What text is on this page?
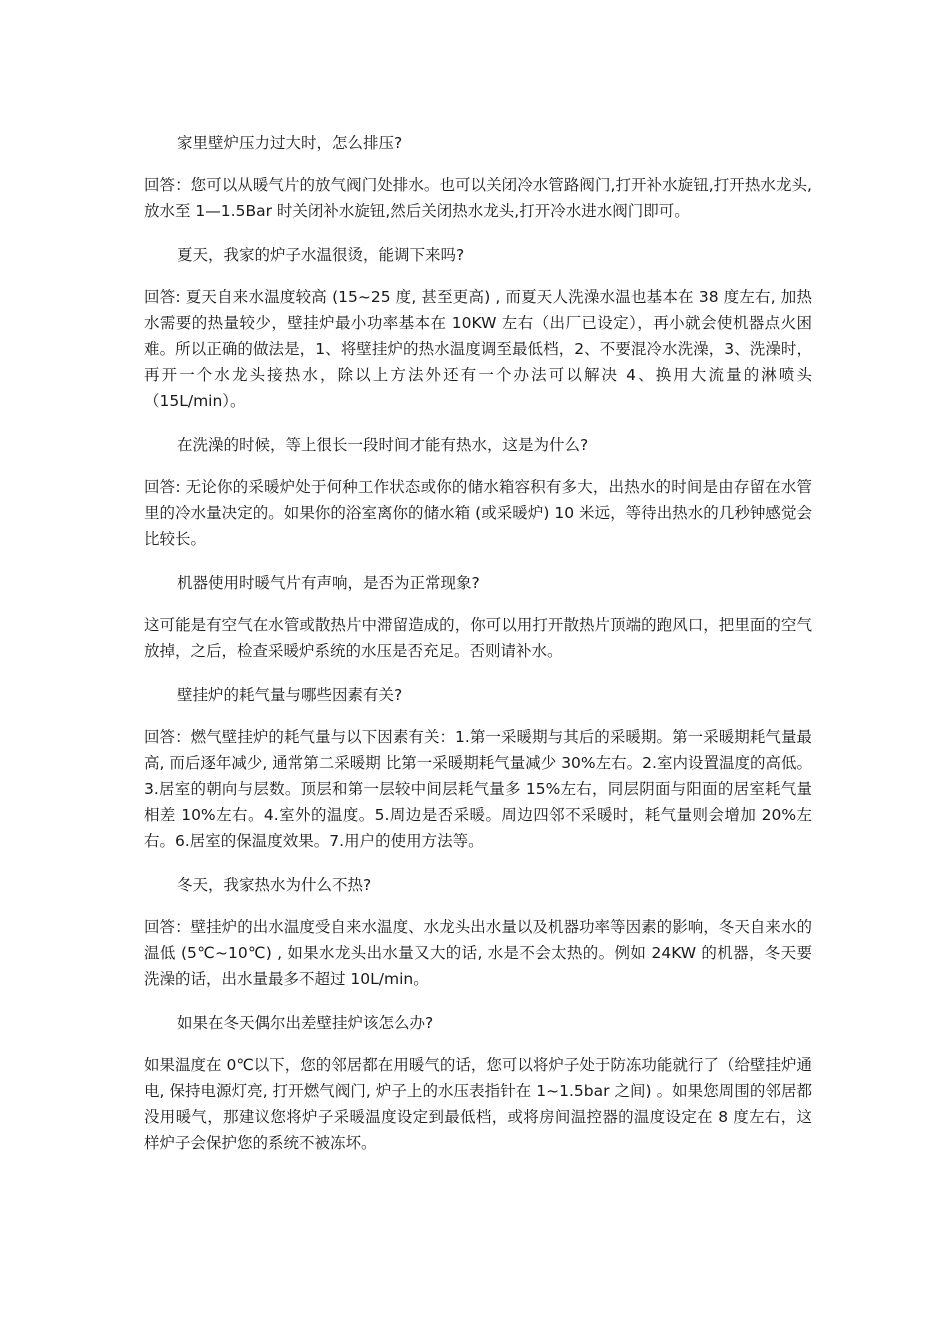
家里壁炉压力过大时，怎么排压?

回答：您可以从暖气片的放气阀门处排水。也可以关闭冷水管路阀门,打开补水旋钮,打开热水龙头,放水至 1—1.5Bar 时关闭补水旋钮,然后关闭热水龙头,打开冷水进水阀门即可。

夏天，我家的炉子水温很烫，能调下来吗?

回答: 夏天自来水温度较高 (15~25 度, 甚至更高) , 而夏天人洗澡水温也基本在 38 度左右, 加热水需要的热量较少，壁挂炉最小功率基本在 10KW 左右（出厂已设定），再小就会使机器点火困难。所以正确的做法是，1、将壁挂炉的热水温度调至最低档，2、不要混冷水洗澡，3、洗澡时，再开一个水龙头接热水，除以上方法外还有一个办法可以解决 4、换用大流量的淋喷头（15L/min）。

在洗澡的时候，等上很长一段时间才能有热水，这是为什么?

回答: 无论你的采暖炉处于何种工作状态或你的储水箱容积有多大，出热水的时间是由存留在水管里的冷水量决定的。如果你的浴室离你的储水箱 (或采暖炉) 10 米远，等待出热水的几秒钟感觉会比较长。

机器使用时暖气片有声响，是否为正常现象?

这可能是有空气在水管或散热片中滞留造成的，你可以用打开散热片顶端的跑风口，把里面的空气放掉，之后，检查采暖炉系统的水压是否充足。否则请补水。

壁挂炉的耗气量与哪些因素有关?

回答：燃气壁挂炉的耗气量与以下因素有关：1.第一采暖期与其后的采暖期。第一采暖期耗气量最高, 而后逐年减少, 通常第二采暖期 比第一采暖期耗气量减少 30%左右。2.室内设置温度的高低。3.居室的朝向与层数。顶层和第一层较中间层耗气量多 15%左右，同层阴面与阳面的居室耗气量相差 10%左右。4.室外的温度。5.周边是否采暖。周边四邻不采暖时，耗气量则会增加 20%左右。6.居室的保温度效果。7.用户的使用方法等。

冬天，我家热水为什么不热?

回答：壁挂炉的出水温度受自来水温度、水龙头出水量以及机器功率等因素的影响，冬天自来水的温低 (5℃~10℃) , 如果水龙头出水量又大的话, 水是不会太热的。例如 24KW 的机器，冬天要洗澡的话，出水量最多不超过 10L/min。

如果在冬天偶尔出差壁挂炉该怎么办?

如果温度在 0℃以下，您的邻居都在用暖气的话，您可以将炉子处于防冻功能就行了（给壁挂炉通电, 保持电源灯亮, 打开燃气阀门, 炉子上的水压表指针在 1~1.5bar 之间) 。如果您周围的邻居都没用暖气，那建议您将炉子采暖温度设定到最低档，或将房间温控器的温度设定在 8 度左右，这样炉子会保护您的系统不被冻坏。
